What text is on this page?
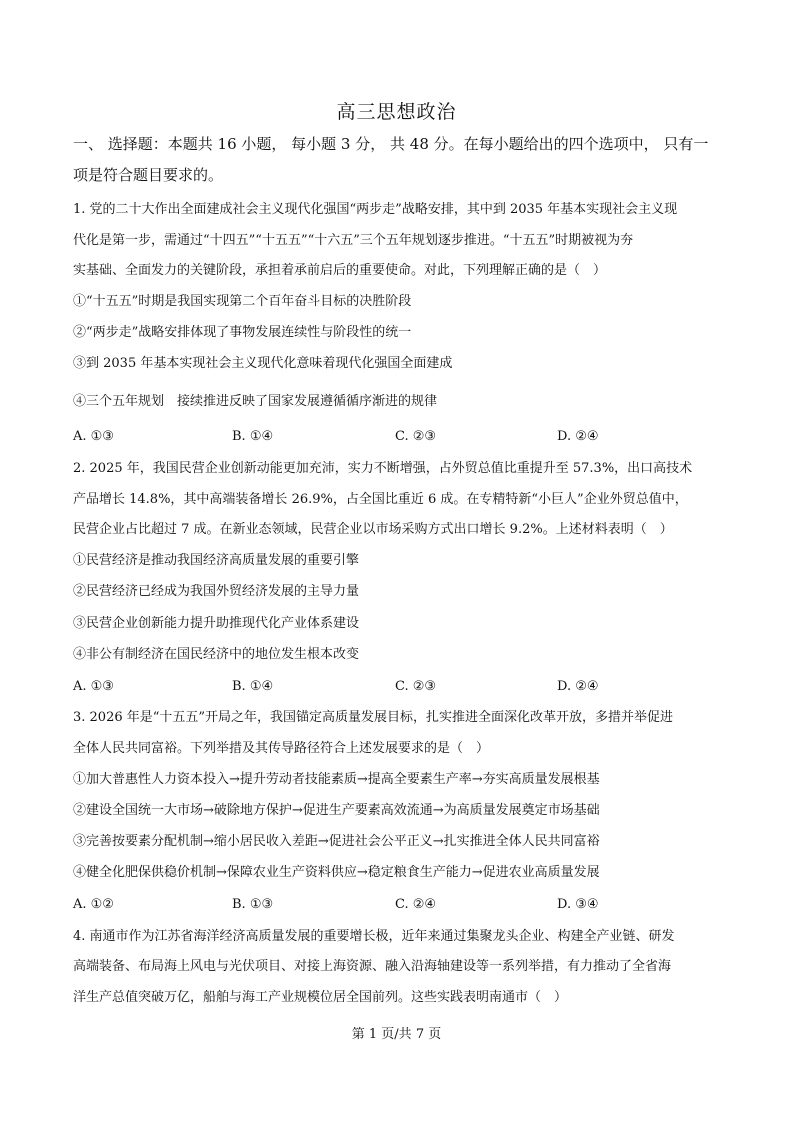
高三思想政治
一、 选择题：本题共 16 小题， 每小题 3 分， 共 48 分。在每小题给出的四个选项中， 只有一
项是符合题目要求的。
1. 党的二十大作出全面建成社会主义现代化强国“两步走”战略安排，其中到 2035 年基本实现社会主义现
代化是第一步，需通过“十四五”“十五五”“十六五”三个五年规划逐步推进。“十五五”时期被视为夯
实基础、全面发力的关键阶段，承担着承前启后的重要使命。对此，下列理解正确的是（　）
①“十五五”时期是我国实现第二个百年奋斗目标的决胜阶段
②“两步走”战略安排体现了事物发展连续性与阶段性的统一
③到 2035 年基本实现社会主义现代化意味着现代化强国全面建成
④三个五年规划　接续推进反映了国家发展遵循循序渐进的规律
A. ①③	B. ①④	C. ②③	D. ②④
2. 2025 年，我国民营企业创新动能更加充沛，实力不断增强，占外贸总值比重提升至 57.3%，出口高技术
产品增长 14.8%，其中高端装备增长 26.9%，占全国比重近 6 成。在专精特新“小巨人”企业外贸总值中，
民营企业占比超过 7 成。在新业态领域，民营企业以市场采购方式出口增长 9.2%。上述材料表明（　）
①民营经济是推动我国经济高质量发展的重要引擎
②民营经济已经成为我国外贸经济发展的主导力量
③民营企业创新能力提升助推现代化产业体系建设
④非公有制经济在国民经济中的地位发生根本改变
A. ①③	B. ①④	C. ②③	D. ②④
3. 2026 年是“十五五”开局之年，我国锚定高质量发展目标，扎实推进全面深化改革开放，多措并举促进
全体人民共同富裕。下列举措及其传导路径符合上述发展要求的是（　）
①加大普惠性人力资本投入→提升劳动者技能素质→提高全要素生产率→夯实高质量发展根基
②建设全国统一大市场→破除地方保护→促进生产要素高效流通→为高质量发展奠定市场基础
③完善按要素分配机制→缩小居民收入差距→促进社会公平正义→扎实推进全体人民共同富裕
④健全化肥保供稳价机制→保障农业生产资料供应→稳定粮食生产能力→促进农业高质量发展
A. ①②	B. ①③	C. ②④	D. ③④
4. 南通市作为江苏省海洋经济高质量发展的重要增长极，近年来通过集聚龙头企业、构建全产业链、研发
高端装备、布局海上风电与光伏项目、对接上海资源、融入沿海轴建设等一系列举措，有力推动了全省海
洋生产总值突破万亿，船舶与海工产业规模位居全国前列。这些实践表明南通市（　）
第 1 页/共 7 页
